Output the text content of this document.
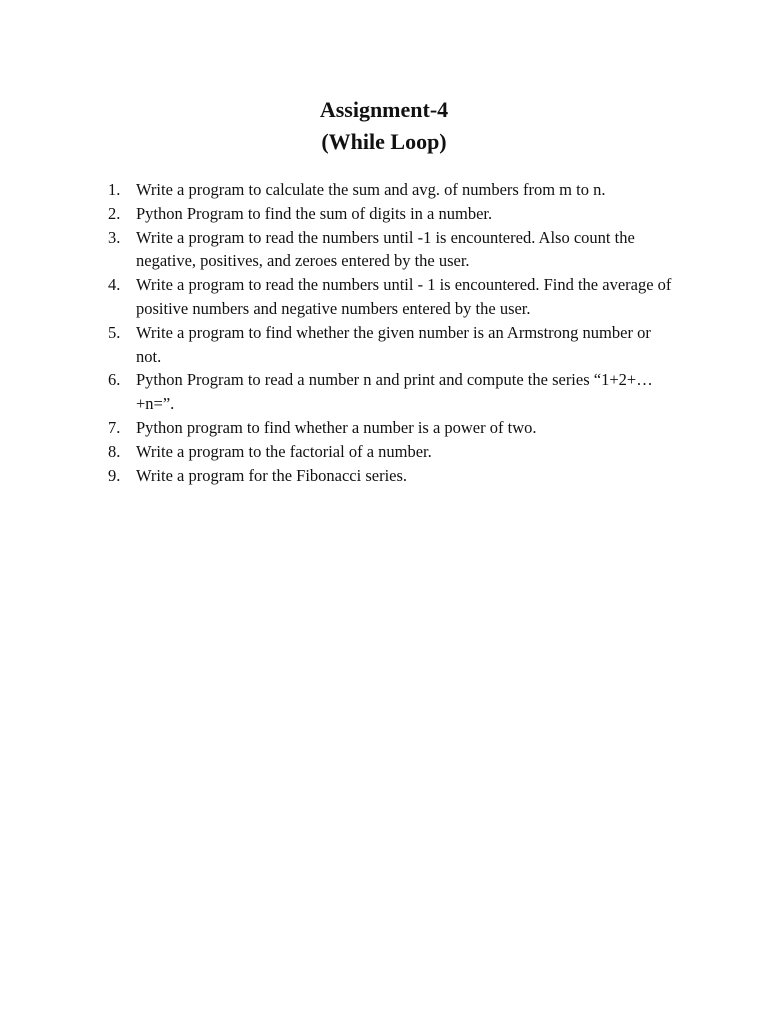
Assignment-4
(While Loop)
1. Write a program to calculate the sum and avg. of numbers from m to n.
2. Python Program to find the sum of digits in a number.
3. Write a program to read the numbers until -1 is encountered. Also count the negative, positives, and zeroes entered by the user.
4. Write a program to read the numbers until - 1 is encountered. Find the average of positive numbers and negative numbers entered by the user.
5. Write a program to find whether the given number is an Armstrong number or not.
6. Python Program to read a number n and print and compute the series “1+2+…+n=”.
7. Python program to find whether a number is a power of two.
8. Write a program to the factorial of a number.
9. Write a program for the Fibonacci series.
